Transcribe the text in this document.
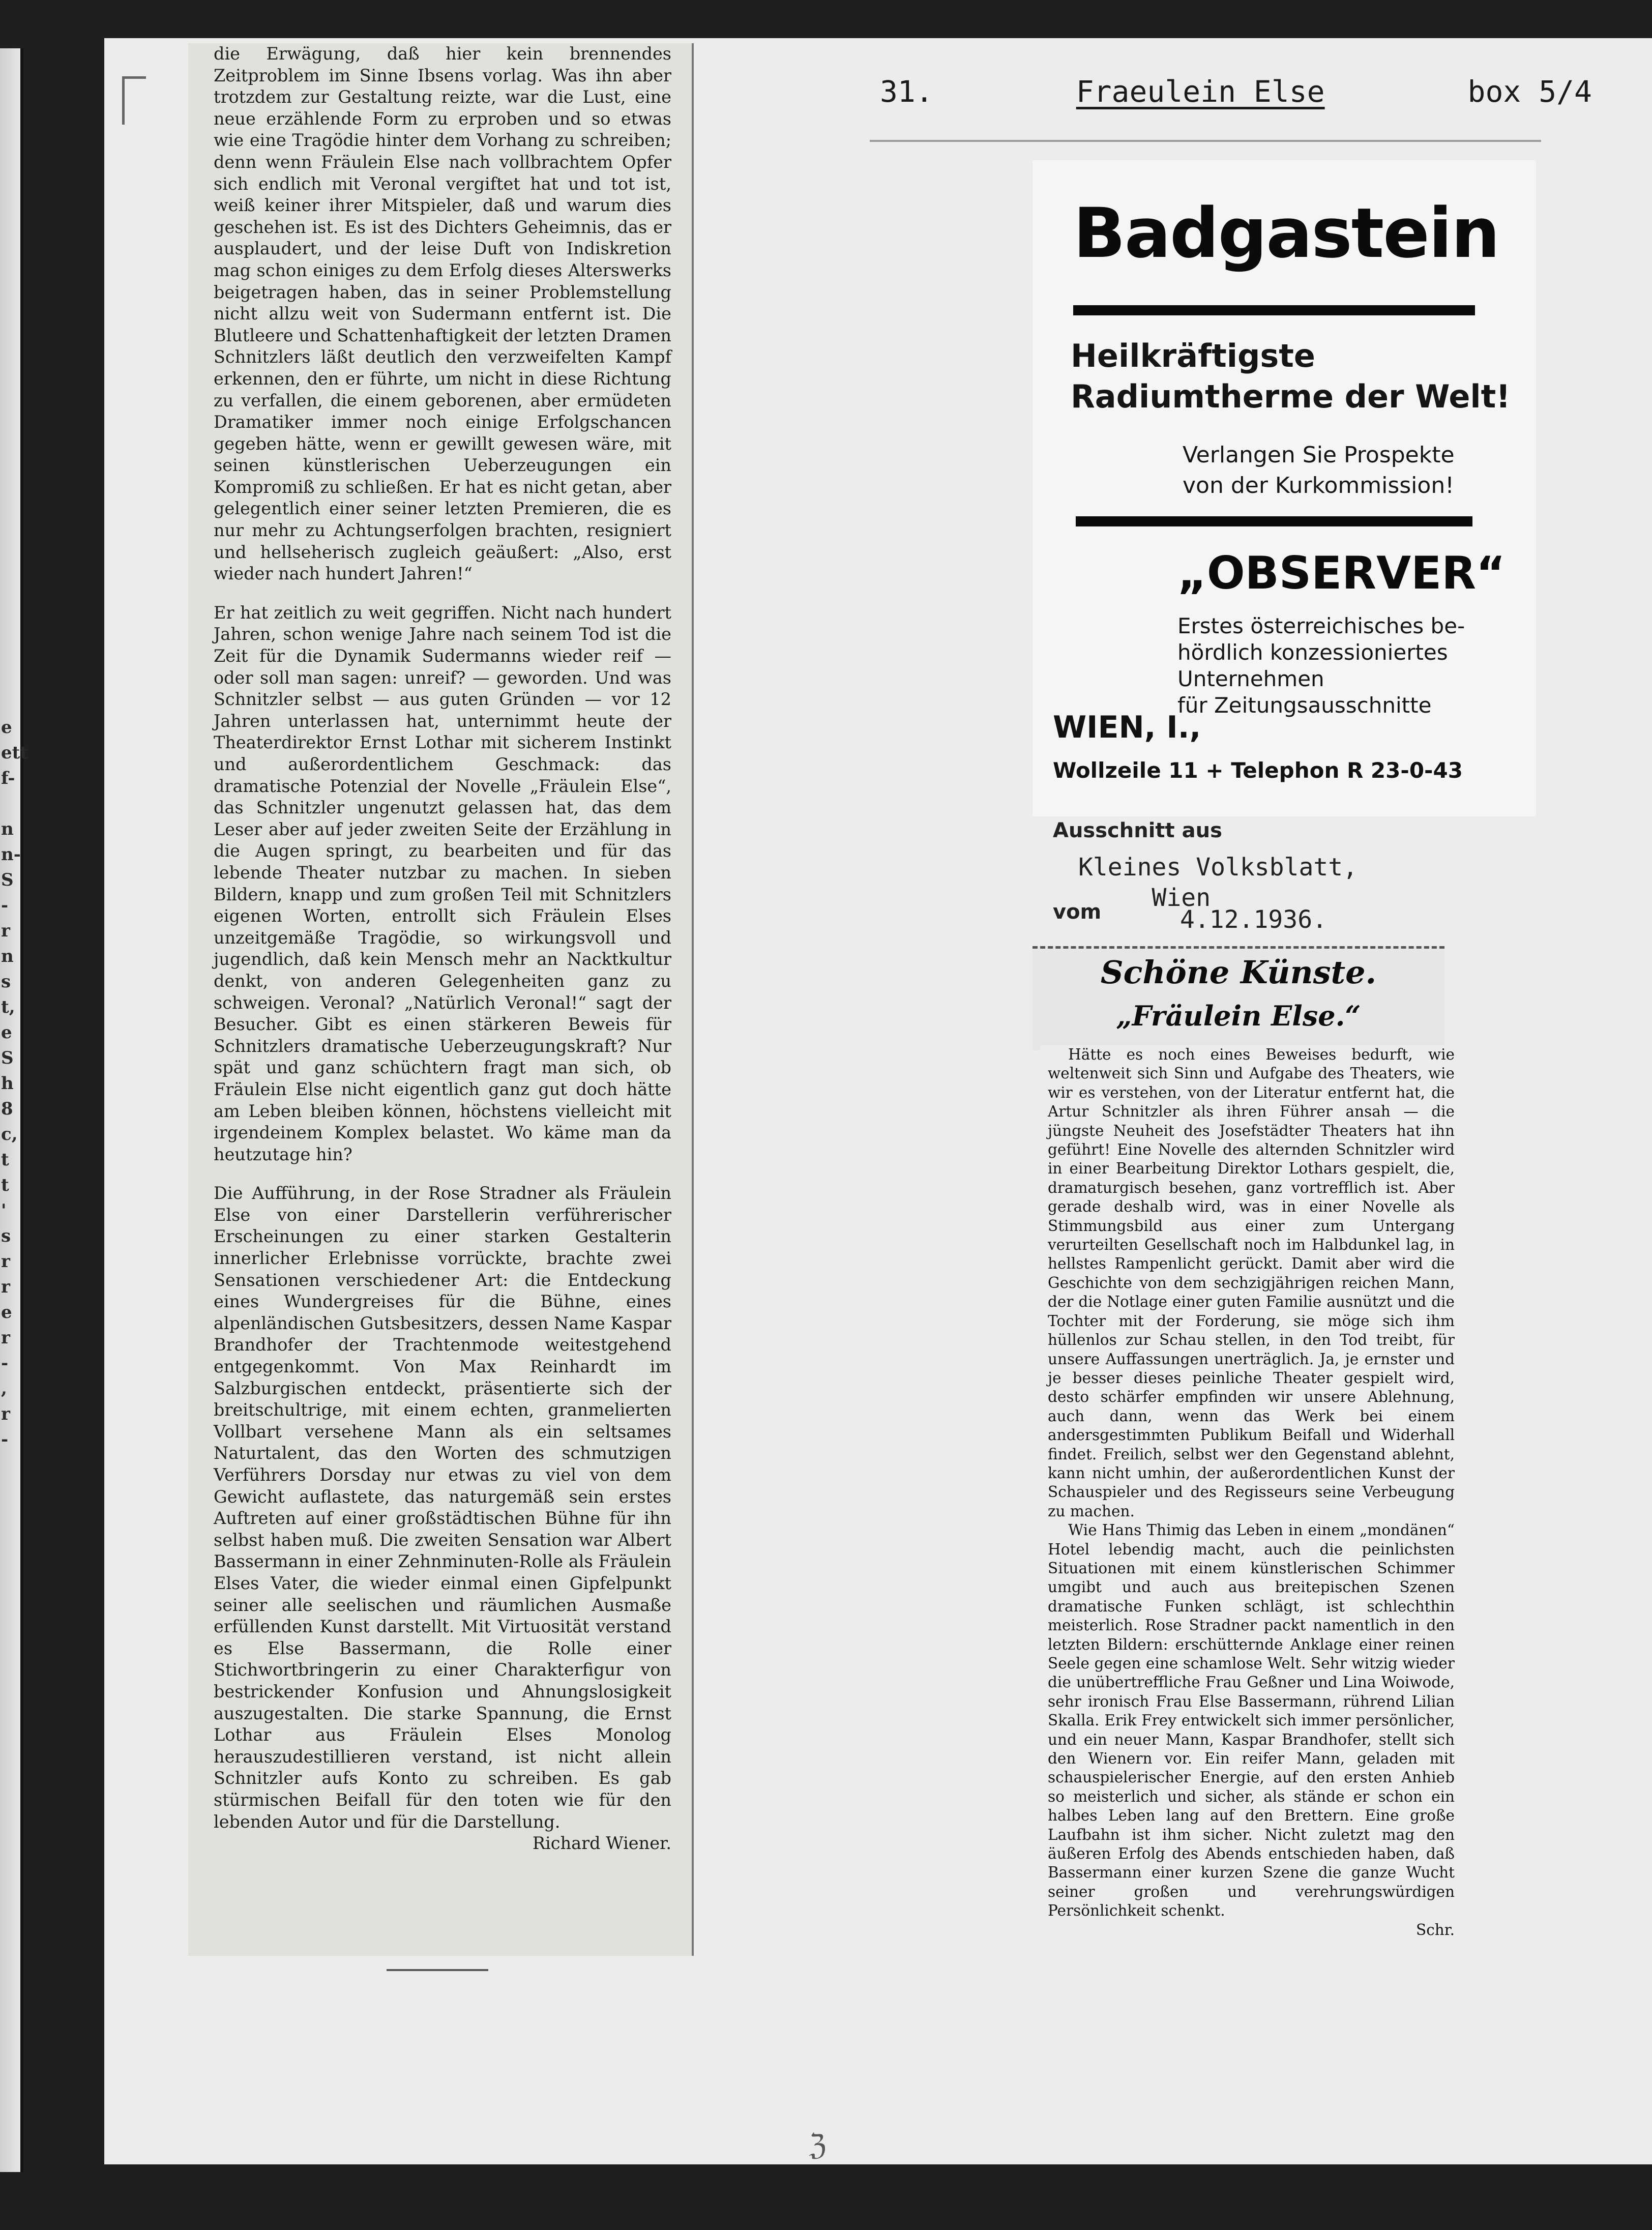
e
ett
f-

n
n-
S
-
r
n
s
t,
e
S
h
8
c,
t
t
'
s
r
r
e
r
-
,
r
-

die Erwägung, daß hier kein brennendes Zeitproblem im Sinne Ibsens vorlag. Was ihn aber trotzdem zur Gestaltung reizte, war die Lust, eine neue erzählende Form zu erproben und so etwas wie eine Tragödie hinter dem Vorhang zu schreiben; denn wenn Fräulein Else nach vollbrachtem Opfer sich endlich mit Veronal vergiftet hat und tot ist, weiß keiner ihrer Mitspieler, daß und warum dies geschehen ist. Es ist des Dichters Geheimnis, das er ausplaudert, und der leise Duft von Indiskretion mag schon einiges zu dem Erfolg dieses Alterswerks beigetragen haben, das in seiner Problemstellung nicht allzu weit von Sudermann entfernt ist. Die Blutleere und Schattenhaftigkeit der letzten Dramen Schnitzlers läßt deutlich den verzweifelten Kampf erkennen, den er führte, um nicht in diese Richtung zu verfallen, die einem geborenen, aber ermüdeten Dramatiker immer noch einige Erfolgschancen gegeben hätte, wenn er gewillt gewesen wäre, mit seinen künstlerischen Ueberzeugungen ein Kompromiß zu schließen. Er hat es nicht getan, aber gelegentlich einer seiner letzten Premieren, die es nur mehr zu Achtungserfolgen brachten, resigniert und hellseherisch zugleich geäußert: „Also, erst wieder nach hundert Jahren!“

Er hat zeitlich zu weit gegriffen. Nicht nach hundert Jahren, schon wenige Jahre nach seinem Tod ist die Zeit für die Dynamik Sudermanns wieder reif — oder soll man sagen: unreif? — geworden. Und was Schnitzler selbst — aus guten Gründen — vor 12 Jahren unterlassen hat, unternimmt heute der Theaterdirektor Ernst Lothar mit sicherem Instinkt und außerordentlichem Geschmack: das dramatische Potenzial der Novelle „Fräulein Else“, das Schnitzler ungenutzt gelassen hat, das dem Leser aber auf jeder zweiten Seite der Erzählung in die Augen springt, zu bearbeiten und für das lebende Theater nutzbar zu machen. In sieben Bildern, knapp und zum großen Teil mit Schnitzlers eigenen Worten, entrollt sich Fräulein Elses unzeitgemäße Tragödie, so wirkungsvoll und jugendlich, daß kein Mensch mehr an Nacktkultur denkt, von anderen Gelegenheiten ganz zu schweigen. Veronal? „Natürlich Veronal!“ sagt der Besucher. Gibt es einen stärkeren Beweis für Schnitzlers dramatische Ueberzeugungskraft? Nur spät und ganz schüchtern fragt man sich, ob Fräulein Else nicht eigentlich ganz gut doch hätte am Leben bleiben können, höchstens vielleicht mit irgendeinem Komplex belastet. Wo käme man da heutzutage hin?

Die Aufführung, in der Rose Stradner als Fräulein Else von einer Darstellerin verführerischer Erscheinungen zu einer starken Gestalterin innerlicher Erlebnisse vorrückte, brachte zwei Sensationen verschiedener Art: die Entdeckung eines Wundergreises für die Bühne, eines alpenländischen Gutsbesitzers, dessen Name Kaspar Brandhofer der Trachtenmode weitestgehend entgegenkommt. Von Max Reinhardt im Salzburgischen entdeckt, präsentierte sich der breitschultrige, mit einem echten, granmelierten Vollbart versehene Mann als ein seltsames Naturtalent, das den Worten des schmutzigen Verführers Dorsday nur etwas zu viel von dem Gewicht auflastete, das naturgemäß sein erstes Auftreten auf einer großstädtischen Bühne für ihn selbst haben muß. Die zweiten Sensation war Albert Bassermann in einer Zehnminuten-Rolle als Fräulein Elses Vater, die wieder einmal einen Gipfelpunkt seiner alle seelischen und räumlichen Ausmaße erfüllenden Kunst darstellt. Mit Virtuosität verstand es Else Bassermann, die Rolle einer Stichwortbringerin zu einer Charakterfigur von bestrickender Konfusion und Ahnungslosigkeit auszugestalten. Die starke Spannung, die Ernst Lothar aus Fräulein Elses Monolog herauszudestillieren verstand, ist nicht allein Schnitzler aufs Konto zu schreiben. Es gab stürmischen Beifall für den toten wie für den lebenden Autor und für die Darstellung.
Richard Wiener.

31.	Fraeulein Else	box 5/4
Badgastein
Heilkräftigste
Radiumtherme der Welt!
Verlangen Sie Prospekte
von der Kurkommission!
„OBSERVER“
Erstes österreichisches be-
hördlich konzessioniertes
Unternehmen
für Zeitungsausschnitte
WIEN, I.,
Wollzeile 11 + Telephon R 23-0-43
Ausschnitt aus
Kleines Volksblatt,
Wien
vom	4.12.1936.
Schöne Künste.
„Fräulein Else.“

Hätte es noch eines Beweises bedurft, wie weltenweit sich Sinn und Aufgabe des Theaters, wie wir es verstehen, von der Literatur entfernt hat, die Artur Schnitzler als ihren Führer ansah — die jüngste Neuheit des Josefstädter Theaters hat ihn geführt! Eine Novelle des alternden Schnitzler wird in einer Bearbeitung Direktor Lothars gespielt, die, dramaturgisch besehen, ganz vortrefflich ist. Aber gerade deshalb wird, was in einer Novelle als Stimmungsbild aus einer zum Untergang verurteilten Gesellschaft noch im Halbdunkel lag, in hellstes Rampenlicht gerückt. Damit aber wird die Geschichte von dem sechzigjährigen reichen Mann, der die Notlage einer guten Familie ausnützt und die Tochter mit der Forderung, sie möge sich ihm hüllenlos zur Schau stellen, in den Tod treibt, für unsere Auffassungen unerträglich. Ja, je ernster und je besser dieses peinliche Theater gespielt wird, desto schärfer empfinden wir unsere Ablehnung, auch dann, wenn das Werk bei einem andersgestimmten Publikum Beifall und Widerhall findet. Freilich, selbst wer den Gegenstand ablehnt, kann nicht umhin, der außerordentlichen Kunst der Schauspieler und des Regisseurs seine Verbeugung zu machen.

Wie Hans Thimig das Leben in einem „mondänen“ Hotel lebendig macht, auch die peinlichsten Situationen mit einem künstlerischen Schimmer umgibt und auch aus breitepischen Szenen dramatische Funken schlägt, ist schlechthin meisterlich. Rose Stradner packt namentlich in den letzten Bildern: erschütternde Anklage einer reinen Seele gegen eine schamlose Welt. Sehr witzig wieder die unübertreffliche Frau Geßner und Lina Woiwode, sehr ironisch Frau Else Bassermann, rührend Lilian Skalla. Erik Frey entwickelt sich immer persönlicher, und ein neuer Mann, Kaspar Brandhofer, stellt sich den Wienern vor. Ein reifer Mann, geladen mit schauspielerischer Energie, auf den ersten Anhieb so meisterlich und sicher, als stände er schon ein halbes Leben lang auf den Brettern. Eine große Laufbahn ist ihm sicher. Nicht zuletzt mag den äußeren Erfolg des Abends entschieden haben, daß Bassermann einer kurzen Szene die ganze Wucht seiner großen und verehrungswürdigen Persönlichkeit schenkt.
Schr.

ℨ
